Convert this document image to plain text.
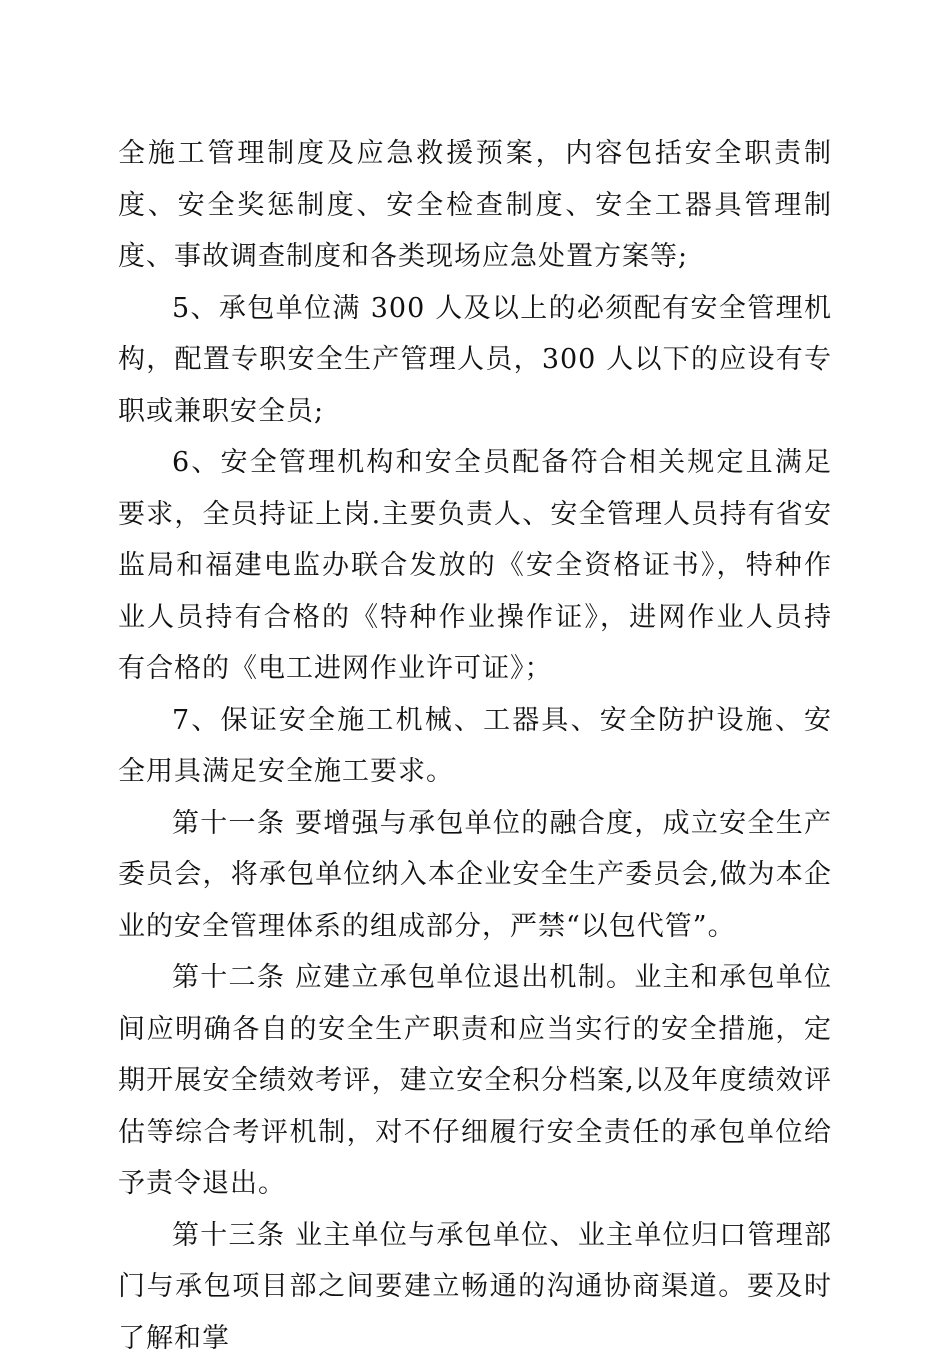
全施工管理制度及应急救援预案，内容包括安全职责制度、安全奖惩制度、安全检查制度、安全工器具管理制度、事故调查制度和各类现场应急处置方案等;

5、承包单位满 300 人及以上的必须配有安全管理机构，配置专职安全生产管理人员，300 人以下的应设有专职或兼职安全员;

6、安全管理机构和安全员配备符合相关规定且满足要求，全员持证上岗.主要负责人、安全管理人员持有省安监局和福建电监办联合发放的《安全资格证书》，特种作业人员持有合格的《特种作业操作证》，进网作业人员持有合格的《电工进网作业许可证》；

7、保证安全施工机械、工器具、安全防护设施、安全用具满足安全施工要求。

第十一条 要增强与承包单位的融合度，成立安全生产委员会，将承包单位纳入本企业安全生产委员会,做为本企业的安全管理体系的组成部分，严禁“以包代管”。

第十二条 应建立承包单位退出机制。业主和承包单位间应明确各自的安全生产职责和应当实行的安全措施，定期开展安全绩效考评，建立安全积分档案,以及年度绩效评估等综合考评机制，对不仔细履行安全责任的承包单位给予责令退出。

第十三条 业主单位与承包单位、业主单位归口管理部门与承包项目部之间要建立畅通的沟通协商渠道。要及时了解和掌
